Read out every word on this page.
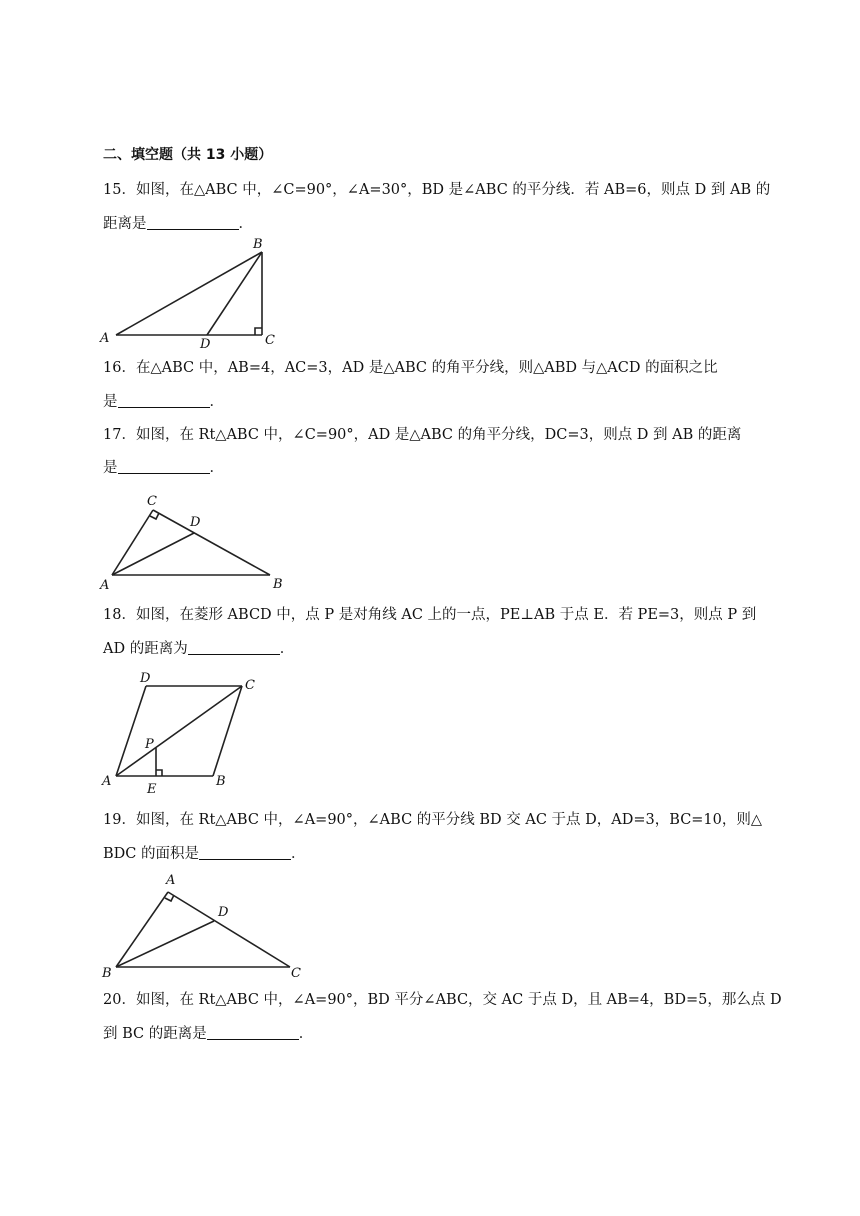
二、填空题（共 13 小题）
15．如图，在△ABC 中，∠C=90°，∠A=30°，BD 是∠ABC 的平分线．若 AB=6，则点 D 到 AB 的
距离是	．
A
B
C
D
16．在△ABC 中，AB=4，AC=3，AD 是△ABC 的角平分线，则△ABD 与△ACD 的面积之比
是	．
17．如图，在 Rt△ABC 中，∠C=90°，AD 是△ABC 的角平分线，DC=3，则点 D 到 AB 的距离
是	．
A	B
C
D
18．如图，在菱形 ABCD 中，点 P 是对角线 AC 上的一点，PE⊥AB 于点 E．若 PE=3，则点 P 到
AD 的距离为	．
A	B
C
D
P
E
19．如图，在 Rt△ABC 中，∠A=90°，∠ABC 的平分线 BD 交 AC 于点 D，AD=3，BC=10，则△
BDC 的面积是	．
B	C
A
D
20．如图，在 Rt△ABC 中，∠A=90°，BD 平分∠ABC，交 AC 于点 D，且 AB=4，BD=5，那么点 D
到 BC 的距离是	．
